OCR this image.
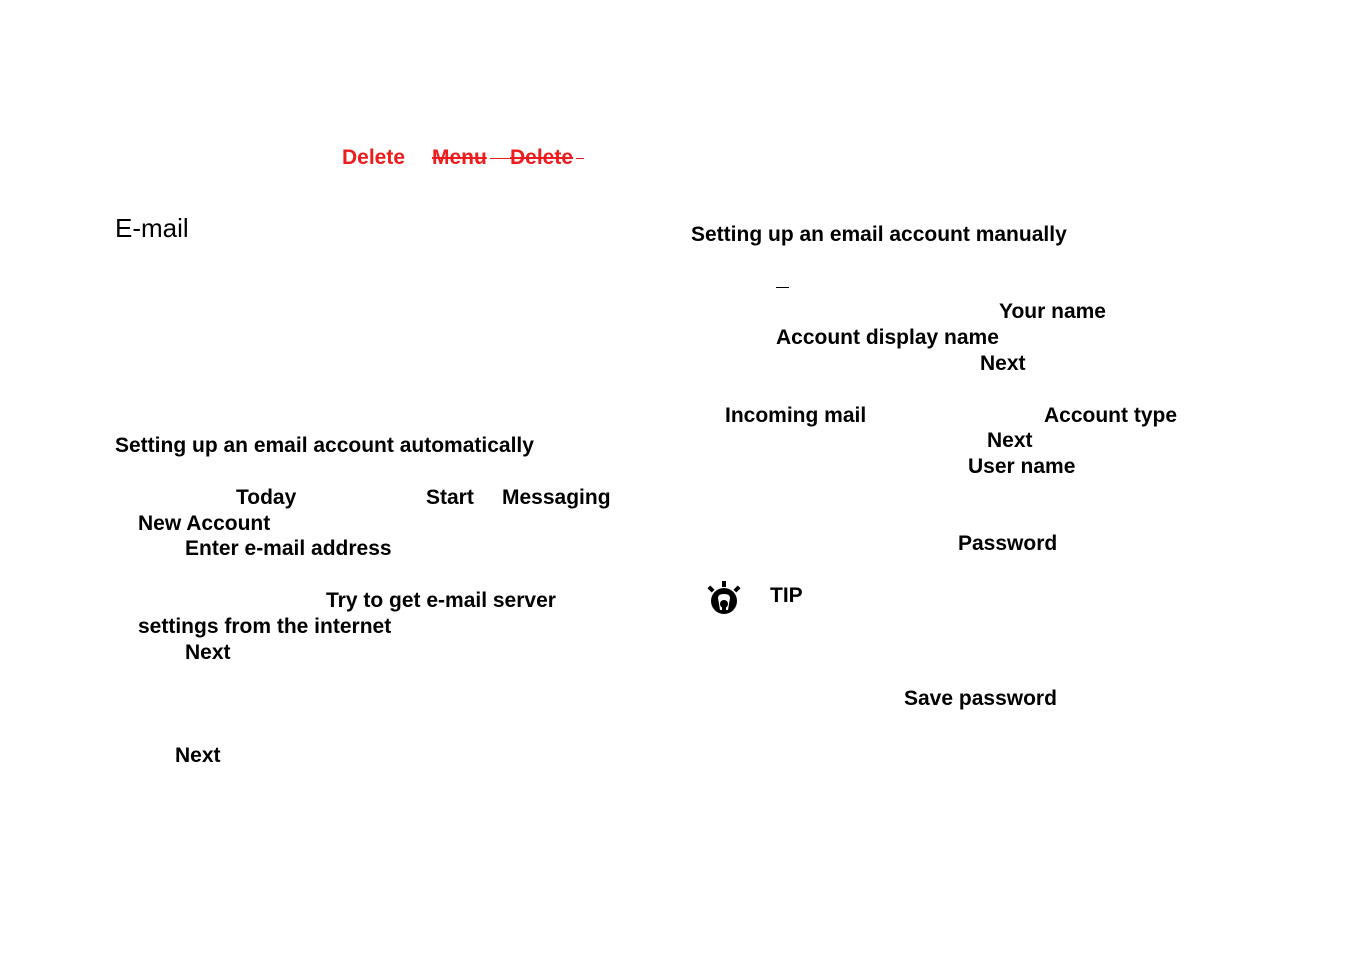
Delete Menu Delete
E-mail
Setting up an email account automatically
Today	Start Messaging
New Account
Enter e-mail address
Try to get e-mail server
settings from the internet
Next
Next
Setting up an email account manually
Your name
Account display name
Next
Incoming mail	Account type
Next
User name
Password
TIP
Save password
